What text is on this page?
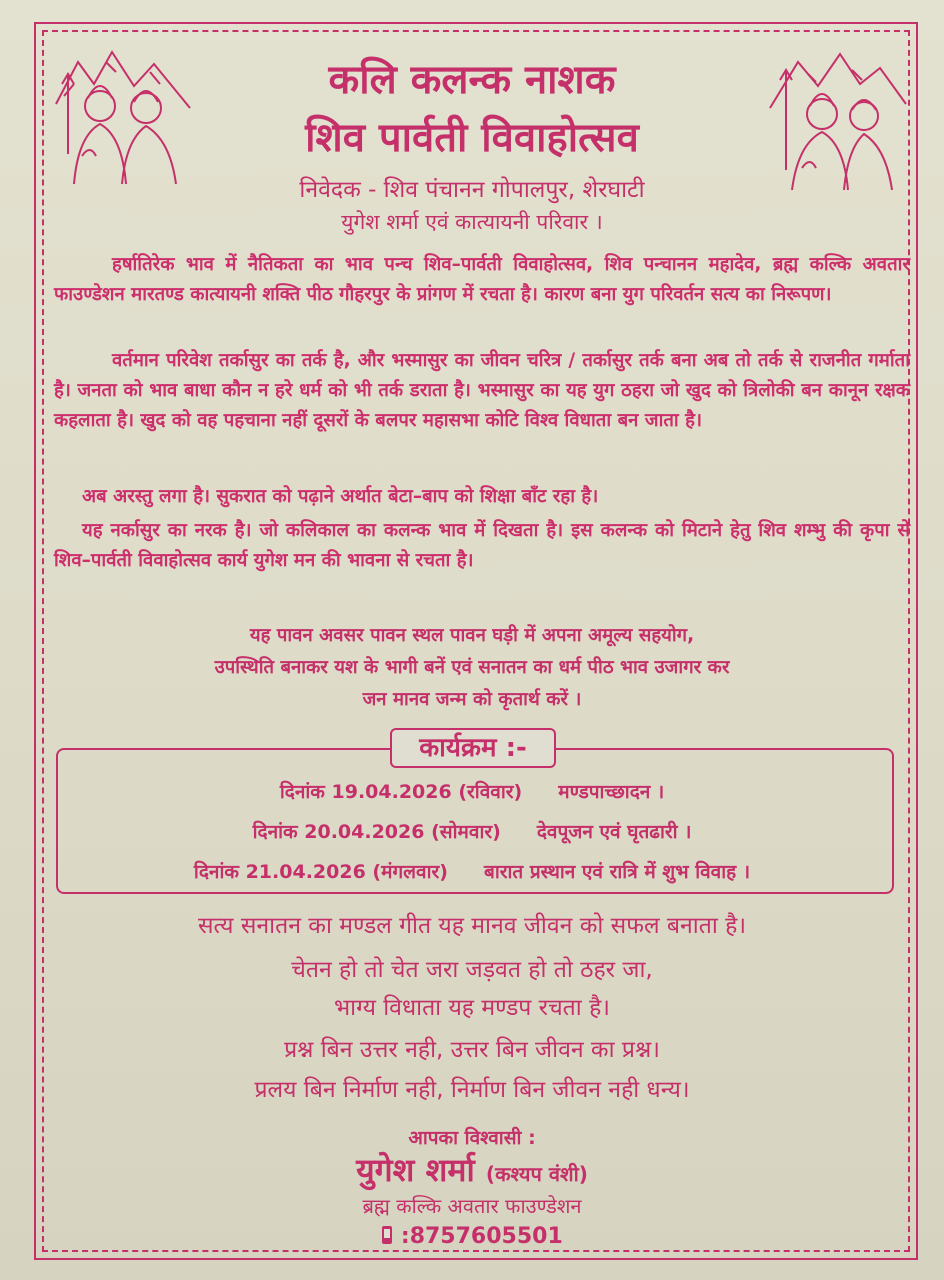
कलि कलन्क नाशक
शिव पार्वती विवाहोत्सव
निवेदक - शिव पंचानन गोपालपुर, शेरघाटी
युगेश शर्मा एवं कात्यायनी परिवार ।
हर्षातिरेक भाव में नैतिकता का भाव पन्च शिव–पार्वती विवाहोत्सव, शिव पन्चानन महादेव, ब्रह्म कल्कि अवतार फाउण्डेशन मारतण्ड कात्यायनी शक्ति पीठ गौहरपुर के प्रांगण में रचता है। कारण बना युग परिवर्तन सत्य का निरूपण।
वर्तमान परिवेश तर्कासुर का तर्क है, और भस्मासुर का जीवन चरित्र / तर्कासुर तर्क बना अब तो तर्क से राजनीत गर्माता है। जनता को भाव बाधा कौन न हरे धर्म को भी तर्क डराता है। भस्मासुर का यह युग ठहरा जो खुद को त्रिलोकी बन कानून रक्षक कहलाता है। खुद को वह पहचाना नहीं दूसरों के बलपर महासभा कोटि विश्व विधाता बन जाता है।
अब अरस्तु लगा है। सुकरात को पढ़ाने अर्थात बेटा–बाप को शिक्षा बाँट रहा है।
यह नर्कासुर का नरक है। जो कलिकाल का कलन्क भाव में दिखता है। इस कलन्क को मिटाने हेतु शिव शम्भु की कृपा से शिव–पार्वती विवाहोत्सव कार्य युगेश मन की भावना से रचता है।
यह पावन अवसर पावन स्थल पावन घड़ी में अपना अमूल्य सहयोग,
उपस्थिति बनाकर यश के भागी बनें एवं सनातन का धर्म पीठ भाव उजागर कर
जन मानव जन्म को कृतार्थ करें ।
कार्यक्रम :-
दिनांक 19.04.2026 (रविवार) मण्डपाच्छादन ।
दिनांक 20.04.2026 (सोमवार) देवपूजन एवं घृतढारी ।
दिनांक 21.04.2026 (मंगलवार) बारात प्रस्थान एवं रात्रि में शुभ विवाह ।
सत्य सनातन का मण्डल गीत यह मानव जीवन को सफल बनाता है।
चेतन हो तो चेत जरा जड़वत हो तो ठहर जा,
भाग्य विधाता यह मण्डप रचता है।
प्रश्न बिन उत्तर नही, उत्तर बिन जीवन का प्रश्न।
प्रलय बिन निर्माण नही, निर्माण बिन जीवन नही धन्य।
आपका विश्वासी :
युगेश शर्मा (कश्यप वंशी)
ब्रह्म कल्कि अवतार फाउण्डेशन
:8757605501
